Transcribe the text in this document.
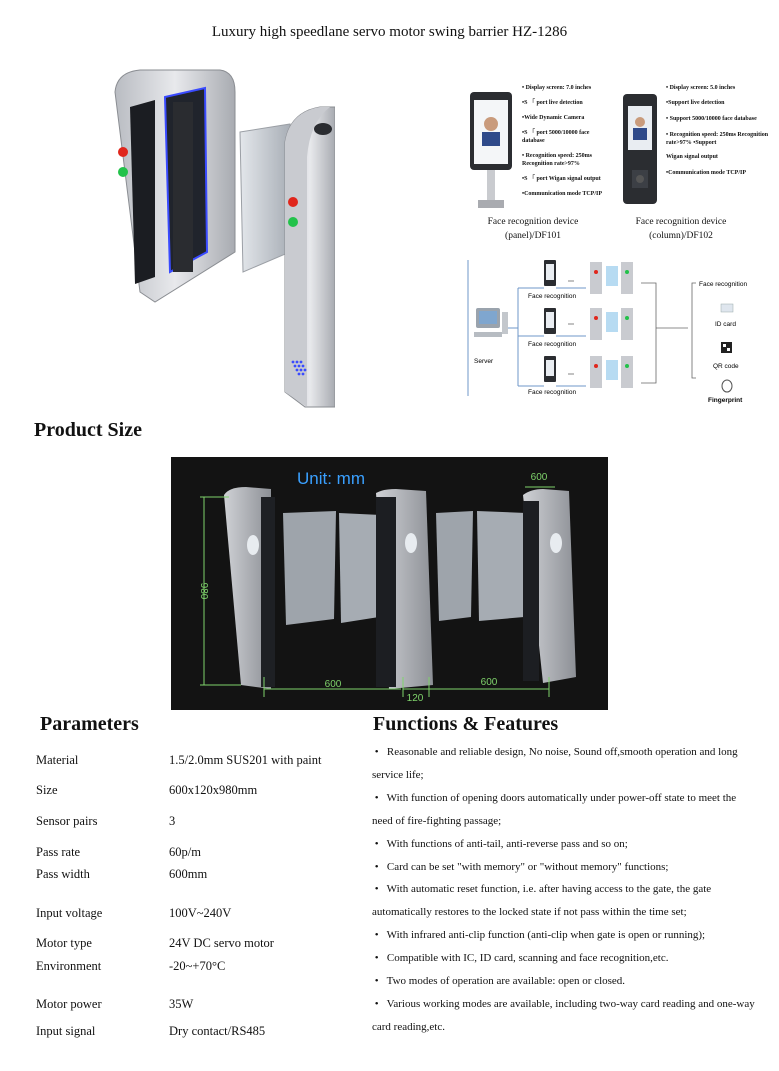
Luxury high speedlane servo motor swing barrier HZ-1286
• Display screen: 7.0 inches
•S 「 port live detection
•Wide Dynamic Camera
•S 「 port 5000/10000 face database
• Recognition speed: 250ms Recognition rate>97%
•S 「 port Wigan signal output
•Communication mode TCP/IP
Face recognition device
(panel)/DF101
• Display screen: 5.0 inches
•Support live detection
• Support 5000/10000 face database
• Recognition speed: 250ms Recognition rate>97% •Support
Wigan signal output
•Communication mode TCP/IP
Face recognition device
(column)/DF102
Server
Face recognition
Face recognition
Face recognition
Face recognition
ID card
QR code
Fingerprint
Product Size
Unit: mm
980
600
600
120
600
Parameters	Functions & Features
Material	1.5/2.0mm SUS201 with paint
Size	600x120x980mm
Sensor pairs	3
Pass rate	60p/m
Pass width	600mm
Input voltage	100V~240V
Motor type	24V DC servo motor
Environment	-20~+70°C
Motor power	35W
Input signal	Dry contact/RS485
•   Reasonable and reliable design, No noise, Sound off,smooth operation and long service life;
•   With function of opening doors automatically under power-off state to meet the need of fire-fighting passage;
•   With functions of anti-tail, anti-reverse pass and so on;
•   Card can be set "with memory" or "without memory" functions;
•   With automatic reset function, i.e. after having access to the gate, the gate automatically restores to the locked state if not pass within the time set;
•   With infrared anti-clip function (anti-clip when gate is open or running);
•   Compatible with IC, ID card, scanning and face recognition,etc.
•   Two modes of operation are available: open or closed.
•   Various working modes are available, including two-way card reading and one-way card reading,etc.
